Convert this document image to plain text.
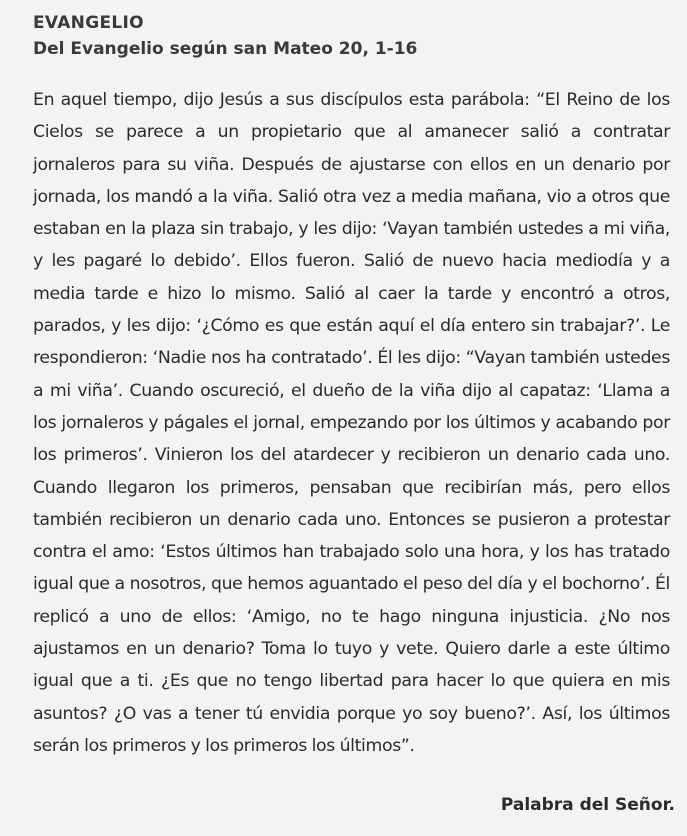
EVANGELIO
Del Evangelio según san Mateo 20, 1-16

En aquel tiempo, dijo Jesús a sus discípulos esta parábola: “El Reino de los Cielos se parece a un propietario que al amanecer salió a contratar jornaleros para su viña. Después de ajustarse con ellos en un denario por jornada, los mandó a la viña. Salió otra vez a media mañana, vio a otros que estaban en la plaza sin trabajo, y les dijo: ‘Vayan también ustedes a mi viña, y les pagaré lo debido’. Ellos fueron. Salió de nuevo hacia mediodía y a media tarde e hizo lo mismo. Salió al caer la tarde y encontró a otros, parados, y les dijo: ‘¿Cómo es que están aquí el día entero sin trabajar?’. Le respondieron: ‘Nadie nos ha contratado’. Él les dijo: “Vayan también ustedes a mi viña’. Cuando oscureció, el dueño de la viña dijo al capataz: ‘Llama a los jornaleros y págales el jornal, empezando por los últimos y acabando por los primeros’. Vinieron los del atardecer y recibieron un denario cada uno. Cuando llegaron los primeros, pensaban que recibirían más, pero ellos también recibieron un denario cada uno. Entonces se pusieron a protestar contra el amo: ‘Estos últimos han trabajado solo una hora, y los has tratado igual que a nosotros, que hemos aguantado el peso del día y el bochorno’. Él replicó a uno de ellos: ‘Amigo, no te hago ninguna injusticia. ¿No nos ajustamos en un denario? Toma lo tuyo y vete. Quiero darle a este último igual que a ti. ¿Es que no tengo libertad para hacer lo que quiera en mis asuntos? ¿O vas a tener tú envidia porque yo soy bueno?’. Así, los últimos serán los primeros y los primeros los últimos”.

Palabra del Señor.
